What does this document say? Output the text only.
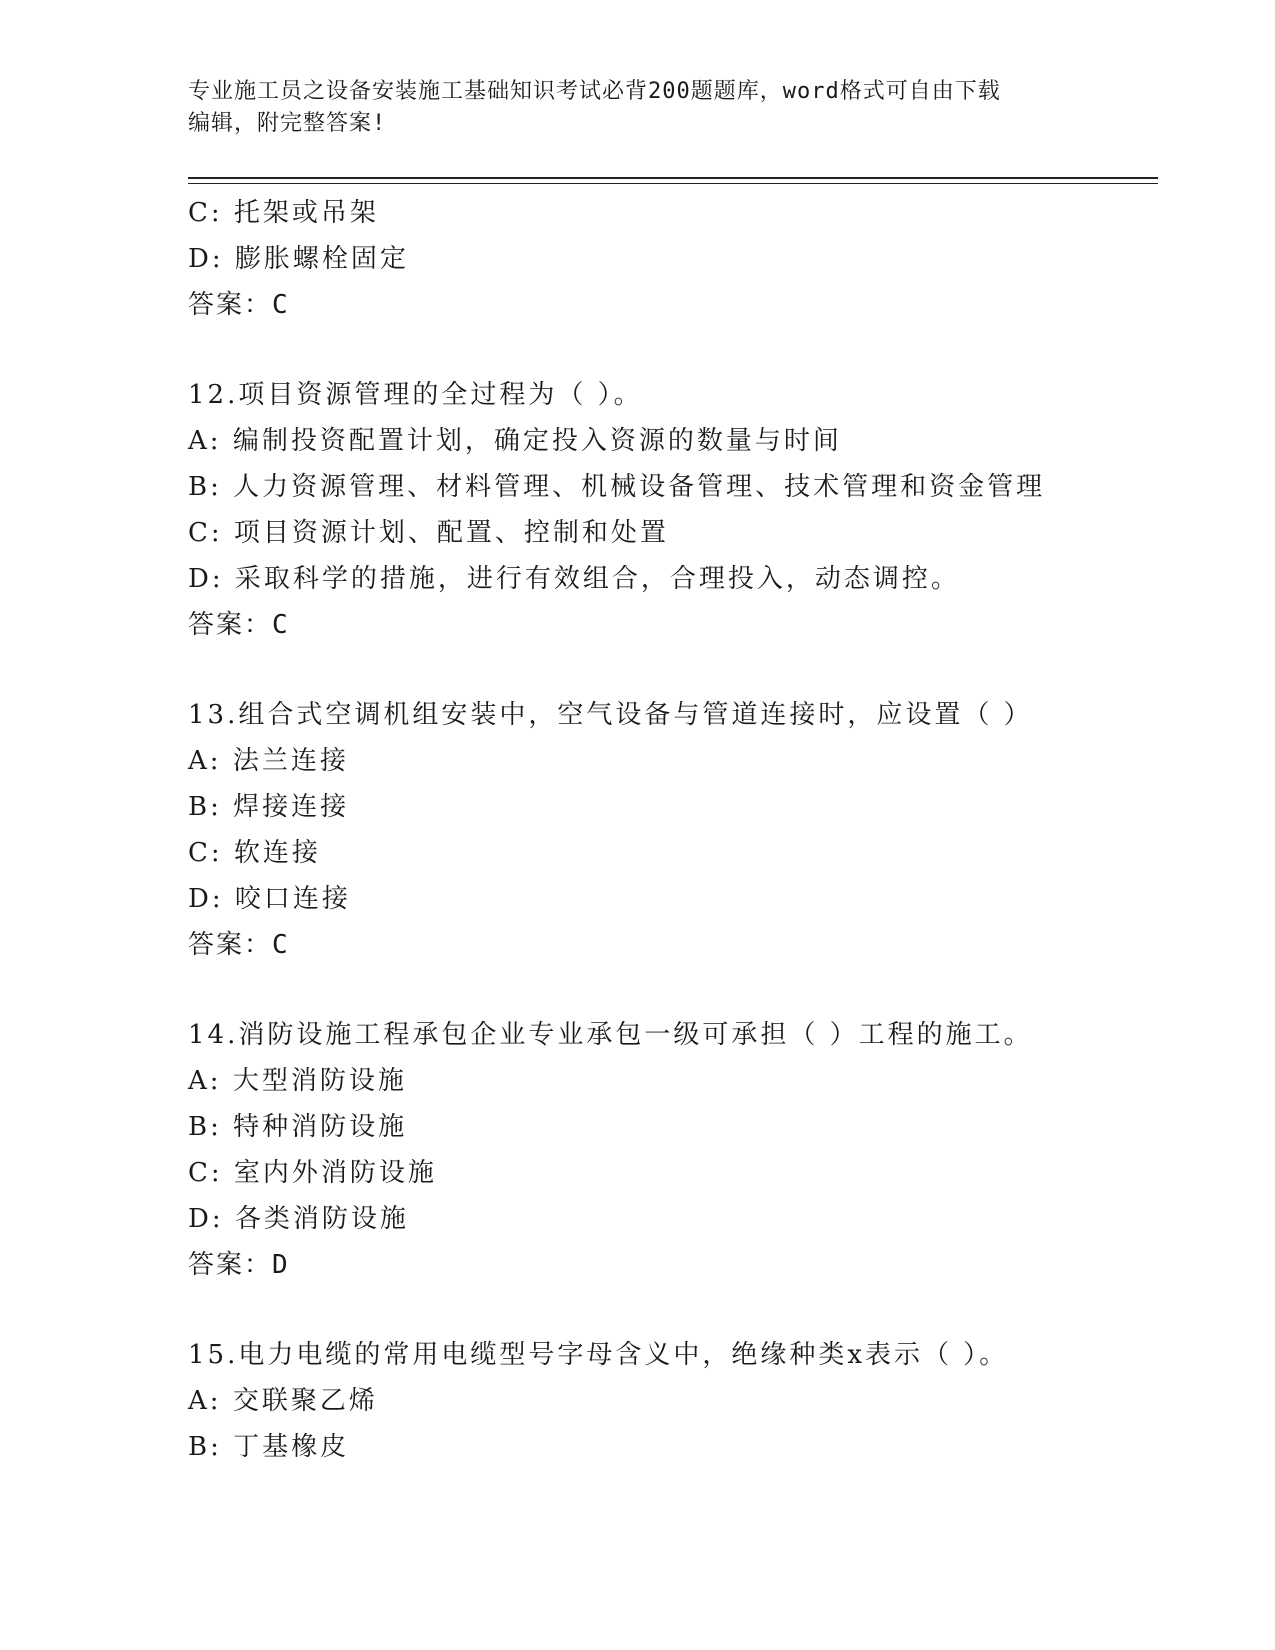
专业施工员之设备安装施工基础知识考试必背200题题库，word格式可自由下载
编辑，附完整答案!
C: 托架或吊架
D: 膨胀螺栓固定
答案：C
12.项目资源管理的全过程为（ ）。
A: 编制投资配置计划，确定投入资源的数量与时间
B: 人力资源管理、材料管理、机械设备管理、技术管理和资金管理
C: 项目资源计划、配置、控制和处置
D: 采取科学的措施，进行有效组合，合理投入，动态调控。
答案：C
13.组合式空调机组安装中，空气设备与管道连接时，应设置（ ）
A: 法兰连接
B: 焊接连接
C: 软连接
D: 咬口连接
答案：C
14.消防设施工程承包企业专业承包一级可承担（ ）工程的施工。
A: 大型消防设施
B: 特种消防设施
C: 室内外消防设施
D: 各类消防设施
答案：D
15.电力电缆的常用电缆型号字母含义中，绝缘种类x表示（ ）。
A: 交联聚乙烯
B: 丁基橡皮
